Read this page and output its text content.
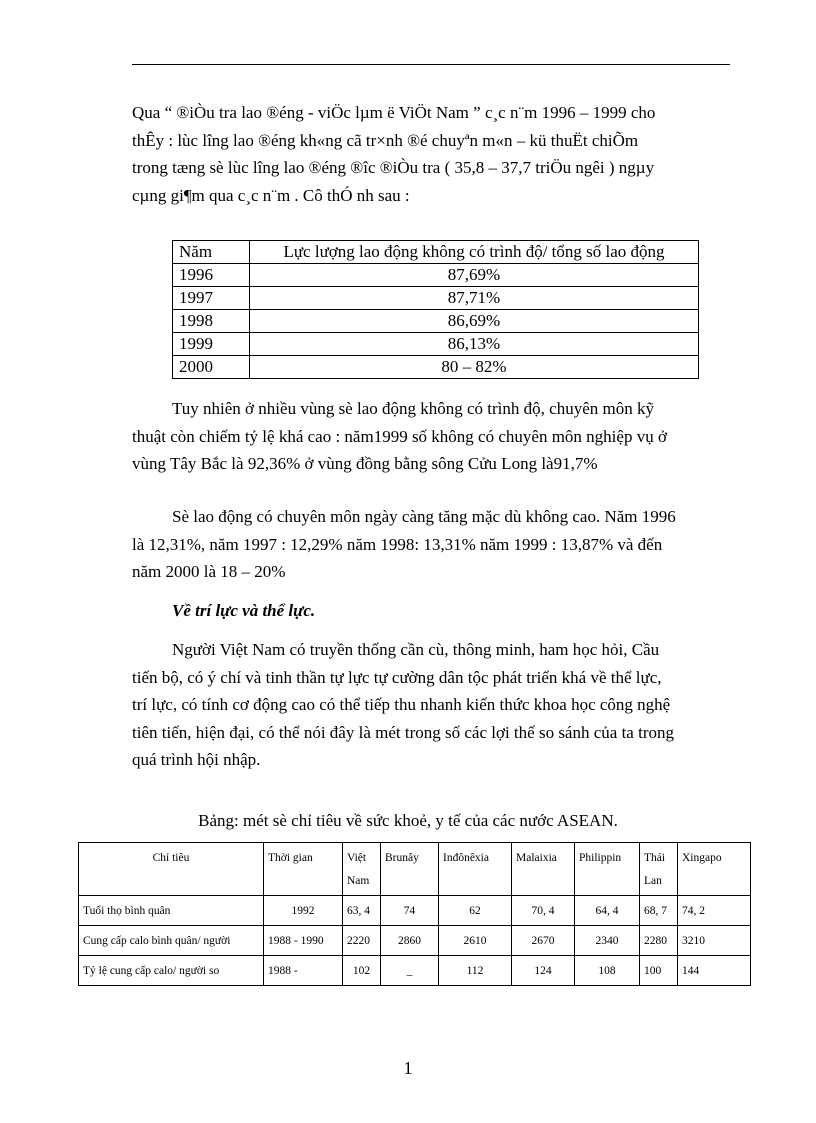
Qua “ ®iÒu tra lao ®éng - viÖc lµm ë ViÖt Nam ” c¸c n¨m 1996 – 1999 cho
thÊy : lùc lîng lao ®éng kh«ng cã tr×nh ®é chuyªn m«n – kü thuËt chiÕm
trong tæng sè lùc lîng lao ®éng ®îc ®iÒu tra ( 35,8 – 37,7 triÖu ngêi ) ngµy
cµng gi¶m qua c¸c n¨m . Cô thÓ nh sau :
Năm	Lực lượng lao động không có trình độ/ tổng số lao động
1996	87,69%
1997	87,71%
1998	86,69%
1999	86,13%
2000	80 – 82%
Tuy nhiên ở nhiều vùng sè lao động không có trình độ, chuyên môn kỹ
thuật còn chiếm tỷ lệ khá cao : năm1999 số không có chuyên môn nghiệp vụ ở
vùng Tây Bắc là 92,36% ở vùng đồng bằng sông Cửu Long là91,7%
Sè lao động có chuyên môn ngày càng tăng mặc dù không cao. Năm 1996
là 12,31%, năm 1997 : 12,29% năm 1998: 13,31% năm 1999 : 13,87% và đến
năm 2000 là 18 – 20%
Về trí lực và thể lực.
Người Việt Nam có truyền thống cần cù, thông minh, ham học hỏi, Cầu
tiến bộ, có ý chí và tinh thần tự lực tự cường dân tộc phát triển khá về thể lực,
trí lực, có tính cơ động cao có thể tiếp thu nhanh kiến thức khoa học công nghệ
tiên tiến, hiện đại, có thể nói đây là mét trong số các lợi thế so sánh của ta trong
quá trình hội nhập.
Bảng: mét sè chỉ tiêu về sức khoẻ, y tế của các nước ASEAN.
Chỉ tiêu	Thời gian	Việt Nam	Brunây	Inđônêxia	Malaixia	Philippin	Thái Lan	Xingapo
Tuổi thọ bình quân	1992	63, 4	74	62	70, 4	64, 4	68, 7	74, 2
Cung cấp calo bình quân/ người	1988 - 1990	2220	2860	2610	2670	2340	2280	3210
Tỷ lệ cung cấp calo/ người so	1988 -	102	_	112	124	108	100	144
1
